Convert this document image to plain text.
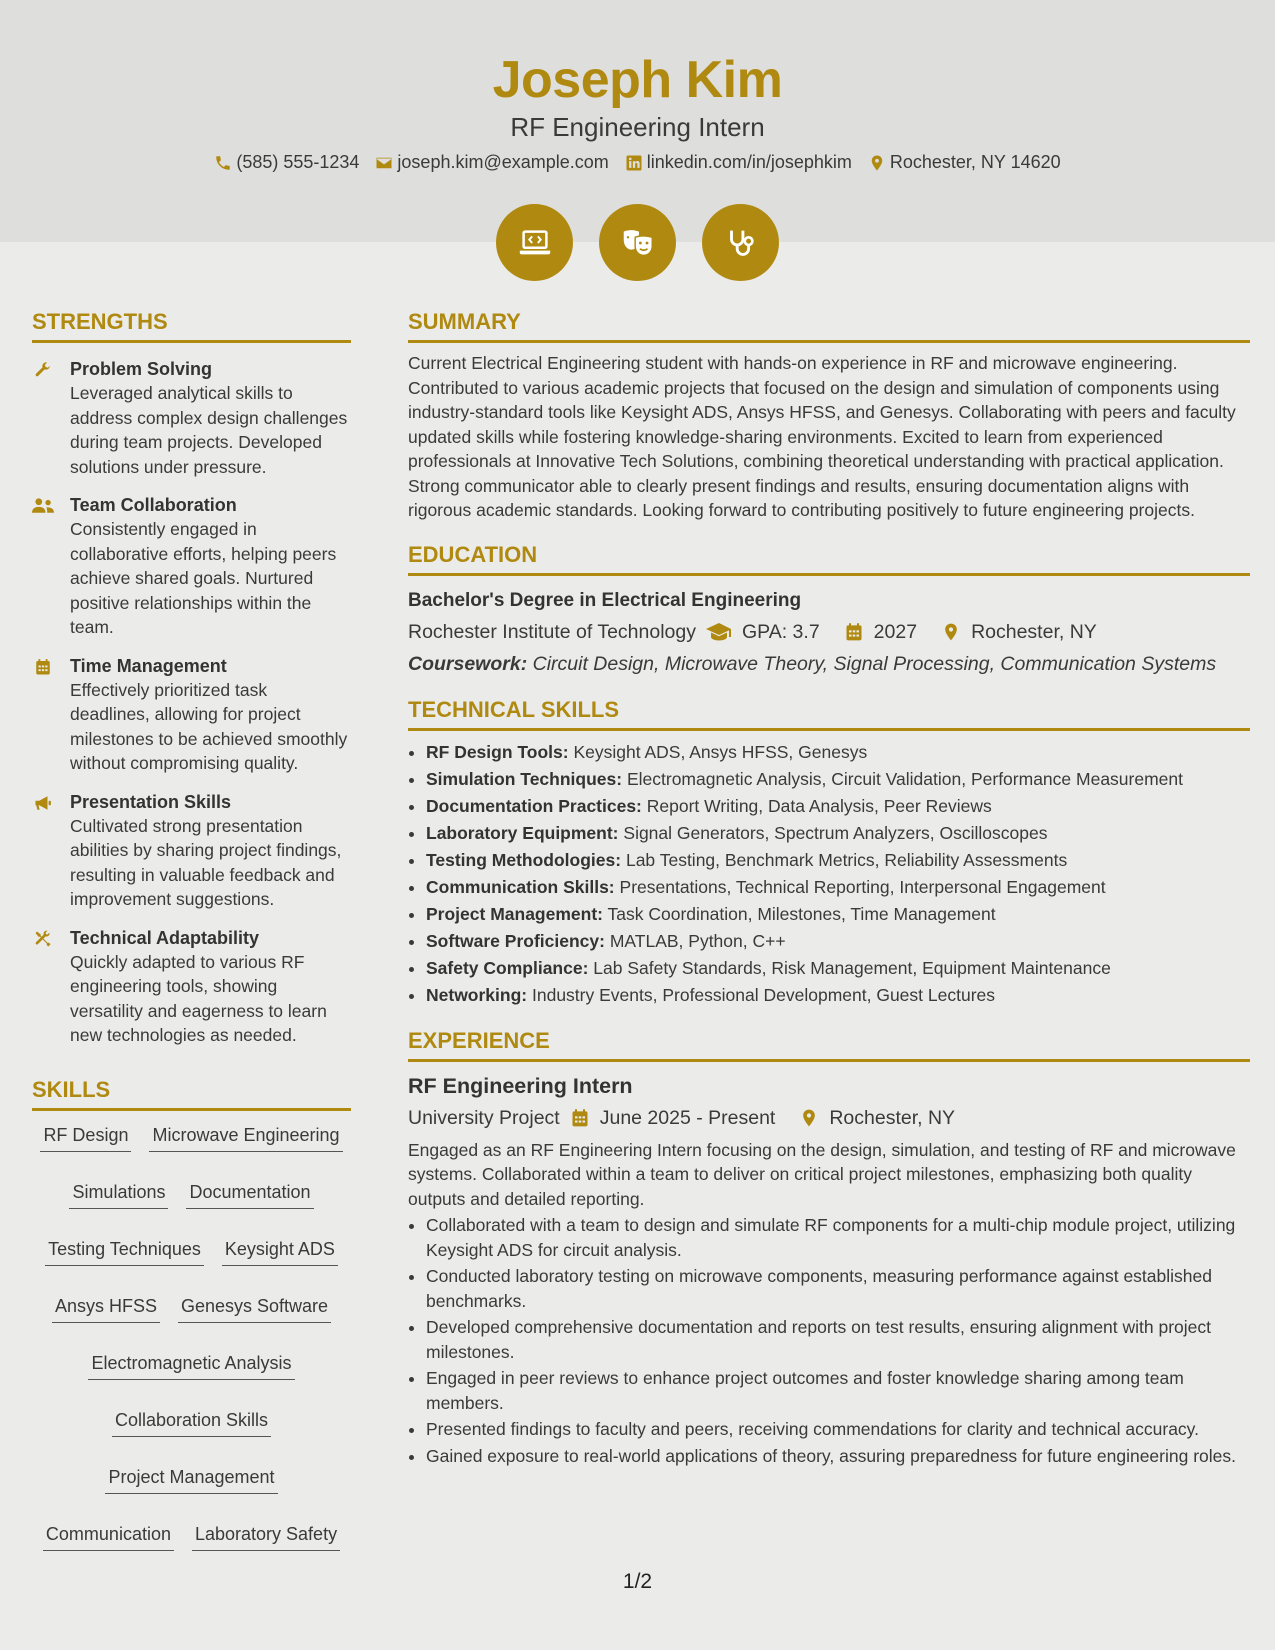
Joseph Kim
RF Engineering Intern
(585) 555-1234 joseph.kim@example.com linkedin.com/in/josephkim Rochester, NY 14620
STRENGTHS
Problem Solving
Leveraged analytical skills to address complex design challenges during team projects. Developed solutions under pressure.
Team Collaboration
Consistently engaged in collaborative efforts, helping peers achieve shared goals. Nurtured positive relationships within the team.
Time Management
Effectively prioritized task deadlines, allowing for project milestones to be achieved smoothly without compromising quality.
Presentation Skills
Cultivated strong presentation abilities by sharing project findings, resulting in valuable feedback and improvement suggestions.
Technical Adaptability
Quickly adapted to various RF engineering tools, showing versatility and eagerness to learn new technologies as needed.
SKILLS
RF Design Microwave Engineering
Simulations Documentation
Testing Techniques Keysight ADS
Ansys HFSS Genesys Software
Electromagnetic Analysis
Collaboration Skills
Project Management
Communication Laboratory Safety
SUMMARY
Current Electrical Engineering student with hands-on experience in RF and microwave engineering. Contributed to various academic projects that focused on the design and simulation of components using industry-standard tools like Keysight ADS, Ansys HFSS, and Genesys. Collaborating with peers and faculty updated skills while fostering knowledge-sharing environments. Excited to learn from experienced professionals at Innovative Tech Solutions, combining theoretical understanding with practical application. Strong communicator able to clearly present findings and results, ensuring documentation aligns with rigorous academic standards. Looking forward to contributing positively to future engineering projects.
EDUCATION
Bachelor's Degree in Electrical Engineering
Rochester Institute of Technology GPA: 3.7	2027	Rochester, NY
Coursework: Circuit Design, Microwave Theory, Signal Processing, Communication Systems
TECHNICAL SKILLS
• RF Design Tools: Keysight ADS, Ansys HFSS, Genesys
• Simulation Techniques: Electromagnetic Analysis, Circuit Validation, Performance Measurement
• Documentation Practices: Report Writing, Data Analysis, Peer Reviews
• Laboratory Equipment: Signal Generators, Spectrum Analyzers, Oscilloscopes
• Testing Methodologies: Lab Testing, Benchmark Metrics, Reliability Assessments
• Communication Skills: Presentations, Technical Reporting, Interpersonal Engagement
• Project Management: Task Coordination, Milestones, Time Management
• Software Proficiency: MATLAB, Python, C++
• Safety Compliance: Lab Safety Standards, Risk Management, Equipment Maintenance
• Networking: Industry Events, Professional Development, Guest Lectures
EXPERIENCE
RF Engineering Intern
University Project June 2025 - Present	Rochester, NY
Engaged as an RF Engineering Intern focusing on the design, simulation, and testing of RF and microwave systems. Collaborated within a team to deliver on critical project milestones, emphasizing both quality outputs and detailed reporting.
• Collaborated with a team to design and simulate RF components for a multi-chip module project, utilizing Keysight ADS for circuit analysis.
• Conducted laboratory testing on microwave components, measuring performance against established benchmarks.
• Developed comprehensive documentation and reports on test results, ensuring alignment with project milestones.
• Engaged in peer reviews to enhance project outcomes and foster knowledge sharing among team members.
• Presented findings to faculty and peers, receiving commendations for clarity and technical accuracy.
• Gained exposure to real-world applications of theory, assuring preparedness for future engineering roles.
1/2
